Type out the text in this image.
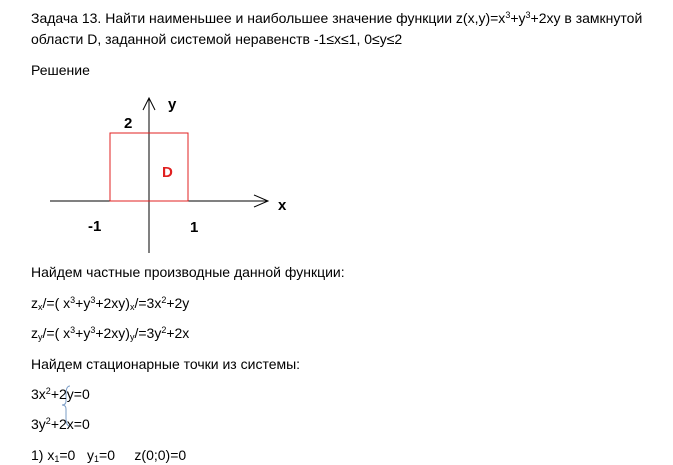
Задача 13. Найти наименьшее и наибольшее значение функции $z(x,y)=x^3+y^3+2xy$ в замкнутой
области D, заданной системой неравенств -1≤x≤1, 0≤y≤2
Решение
y
x
2
-1	1
D
Найдем частные производные данной функции:
$z_x/=$( $x^3+y^3+2xy)_x/=3x^2+2y$
$z_y/=$( $x^3+y^3+2xy)_y/=3y^2+2x$
Найдем стационарные точки из системы:
$3x^2+2y=0$
$3y^2+2x=0$
1) $x_1=0$   $y_1=0$     z(0;0)=0
